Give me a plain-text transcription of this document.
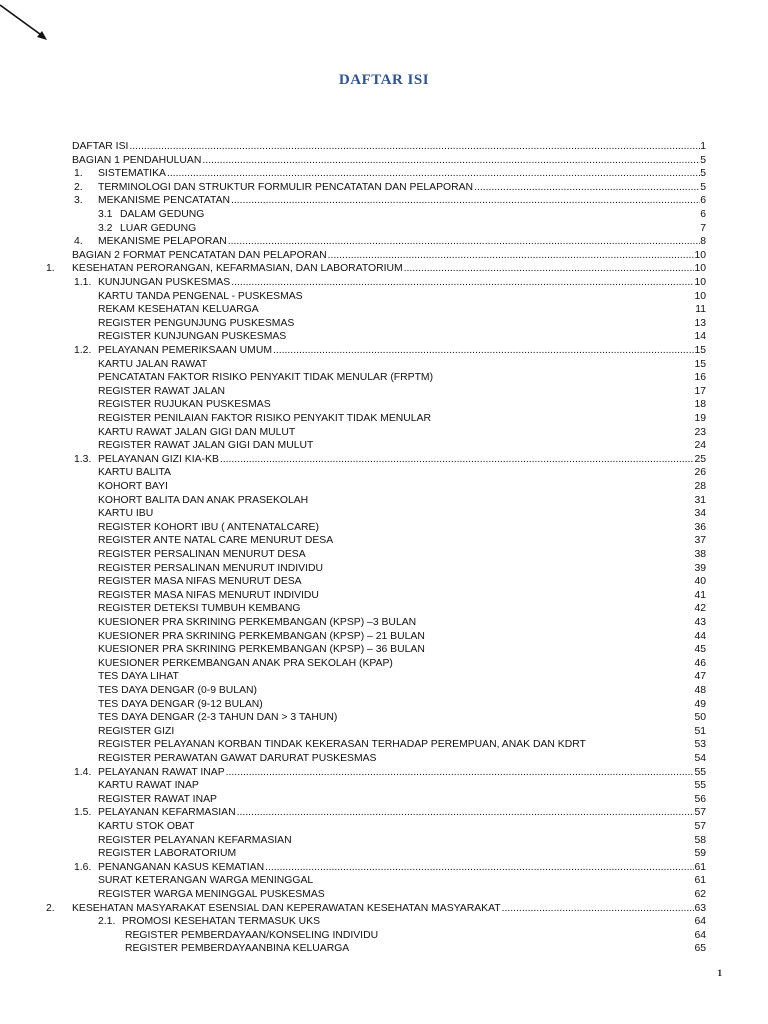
DAFTAR ISI
DAFTAR ISI .....	1
BAGIAN 1 PENDAHULUAN .....	5
1.	SISTEMATIKA .....	5
2.	TERMINOLOGI DAN STRUKTUR FORMULIR PENCATATAN DAN PELAPORAN .....	5
3.	MEKANISME PENCATATAN .....	6
3.1 DALAM GEDUNG	6
3.2 LUAR GEDUNG	7
4.	MEKANISME PELAPORAN .....	8
BAGIAN 2 FORMAT PENCATATAN DAN PELAPORAN .....	10
1.	KESEHATAN PERORANGAN, KEFARMASIAN, DAN LABORATORIUM .....	10
1.1. KUNJUNGAN PUSKESMAS .....	10
KARTU TANDA PENGENAL - PUSKESMAS	10
REKAM KESEHATAN KELUARGA	11
REGISTER PENGUNJUNG PUSKESMAS	13
REGISTER KUNJUNGAN PUSKESMAS	14
1.2. PELAYANAN PEMERIKSAAN UMUM .....	15
KARTU JALAN RAWAT	15
PENCATATAN FAKTOR RISIKO PENYAKIT TIDAK MENULAR (FRPTM)	16
REGISTER RAWAT JALAN	17
REGISTER RUJUKAN PUSKESMAS	18
REGISTER PENILAIAN FAKTOR RISIKO PENYAKIT TIDAK MENULAR	19
KARTU RAWAT JALAN GIGI DAN MULUT	23
REGISTER RAWAT JALAN GIGI DAN MULUT	24
1.3. PELAYANAN GIZI KIA-KB .....	25
KARTU BALITA	26
KOHORT BAYI	28
KOHORT BALITA DAN ANAK PRASEKOLAH	31
KARTU IBU	34
REGISTER KOHORT IBU ( ANTENATALCARE)	36
REGISTER ANTE NATAL CARE MENURUT DESA	37
REGISTER PERSALINAN MENURUT DESA	38
REGISTER PERSALINAN MENURUT INDIVIDU	39
REGISTER MASA NIFAS MENURUT DESA	40
REGISTER MASA NIFAS MENURUT INDIVIDU	41
REGISTER DETEKSI TUMBUH KEMBANG	42
KUESIONER PRA SKRINING PERKEMBANGAN (KPSP) –3 BULAN	43
KUESIONER PRA SKRINING PERKEMBANGAN (KPSP) – 21 BULAN	44
KUESIONER PRA SKRINING PERKEMBANGAN (KPSP) – 36 BULAN	45
KUESIONER PERKEMBANGAN ANAK PRA SEKOLAH (KPAP)	46
TES DAYA LIHAT	47
TES DAYA DENGAR (0-9 BULAN)	48
TES DAYA DENGAR (9-12 BULAN)	49
TES DAYA DENGAR (2-3 TAHUN DAN > 3 TAHUN)	50
REGISTER GIZI	51
REGISTER PELAYANAN KORBAN TINDAK KEKERASAN TERHADAP PEREMPUAN, ANAK DAN KDRT	53
REGISTER PERAWATAN GAWAT DARURAT PUSKESMAS	54
1.4. PELAYANAN RAWAT INAP .....	55
KARTU RAWAT INAP	55
REGISTER RAWAT INAP	56
1.5. PELAYANAN KEFARMASIAN .....	57
KARTU STOK OBAT	57
REGISTER PELAYANAN KEFARMASIAN	58
REGISTER LABORATORIUM	59
1.6. PENANGANAN KASUS KEMATIAN .....	61
SURAT KETERANGAN WARGA MENINGGAL	61
REGISTER WARGA MENINGGAL PUSKESMAS	62
2.	KESEHATAN MASYARAKAT ESENSIAL DAN KEPERAWATAN KESEHATAN MASYARAKAT .....	63
2.1. PROMOSI KESEHATAN TERMASUK UKS	64
REGISTER PEMBERDAYAAN/KONSELING INDIVIDU	64
REGISTER PEMBERDAYAANBINA KELUARGA	65
1
